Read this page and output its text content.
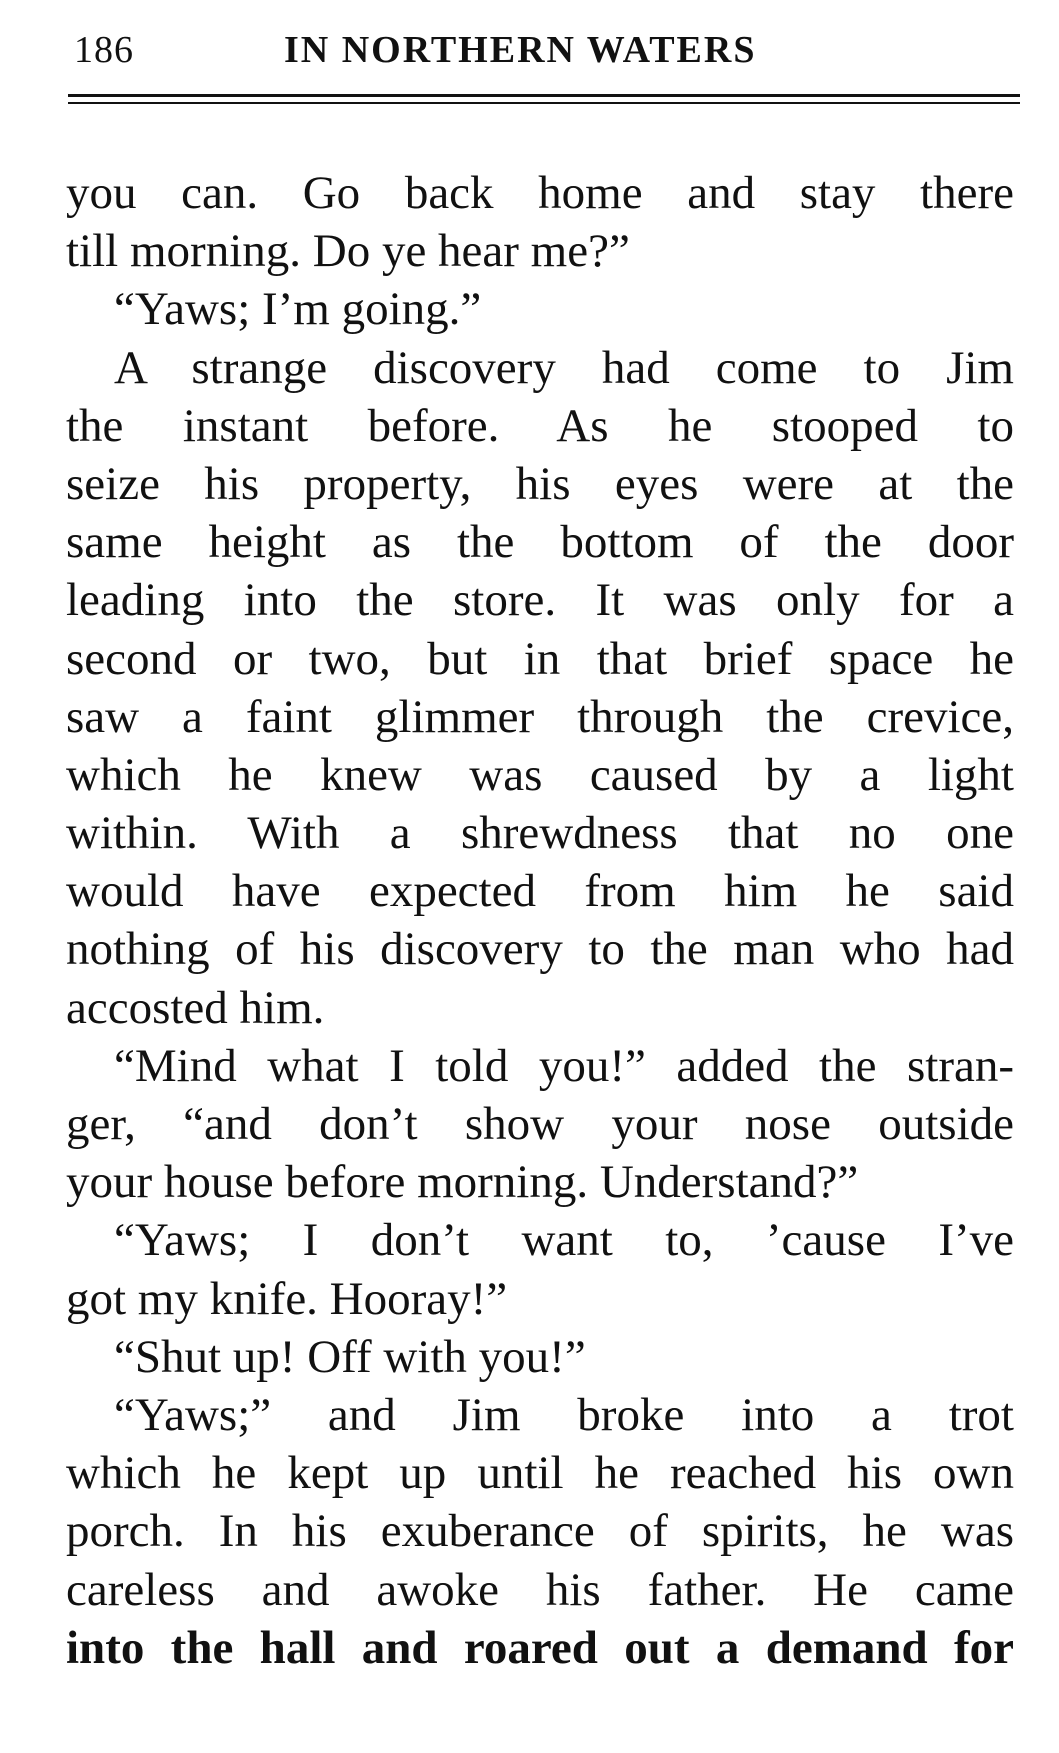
186	IN NORTHERN WATERS
you can. Go back home and stay there
till morning. Do ye hear me?”
“Yaws; I’m going.”
A strange discovery had come to Jim
the instant before. As he stooped to
seize his property, his eyes were at the
same height as the bottom of the door
leading into the store. It was only for a
second or two, but in that brief space he
saw a faint glimmer through the crevice,
which he knew was caused by a light
within. With a shrewdness that no one
would have expected from him he said
nothing of his discovery to the man who had
accosted him.
“Mind what I told you!” added the stran-
ger, “and don’t show your nose outside
your house before morning. Understand?”
“Yaws; I don’t want to, ’cause I’ve
got my knife. Hooray!”
“Shut up! Off with you!”
“Yaws;” and Jim broke into a trot
which he kept up until he reached his own
porch. In his exuberance of spirits, he was
careless and awoke his father. He came
into the hall and roared out a demand for
